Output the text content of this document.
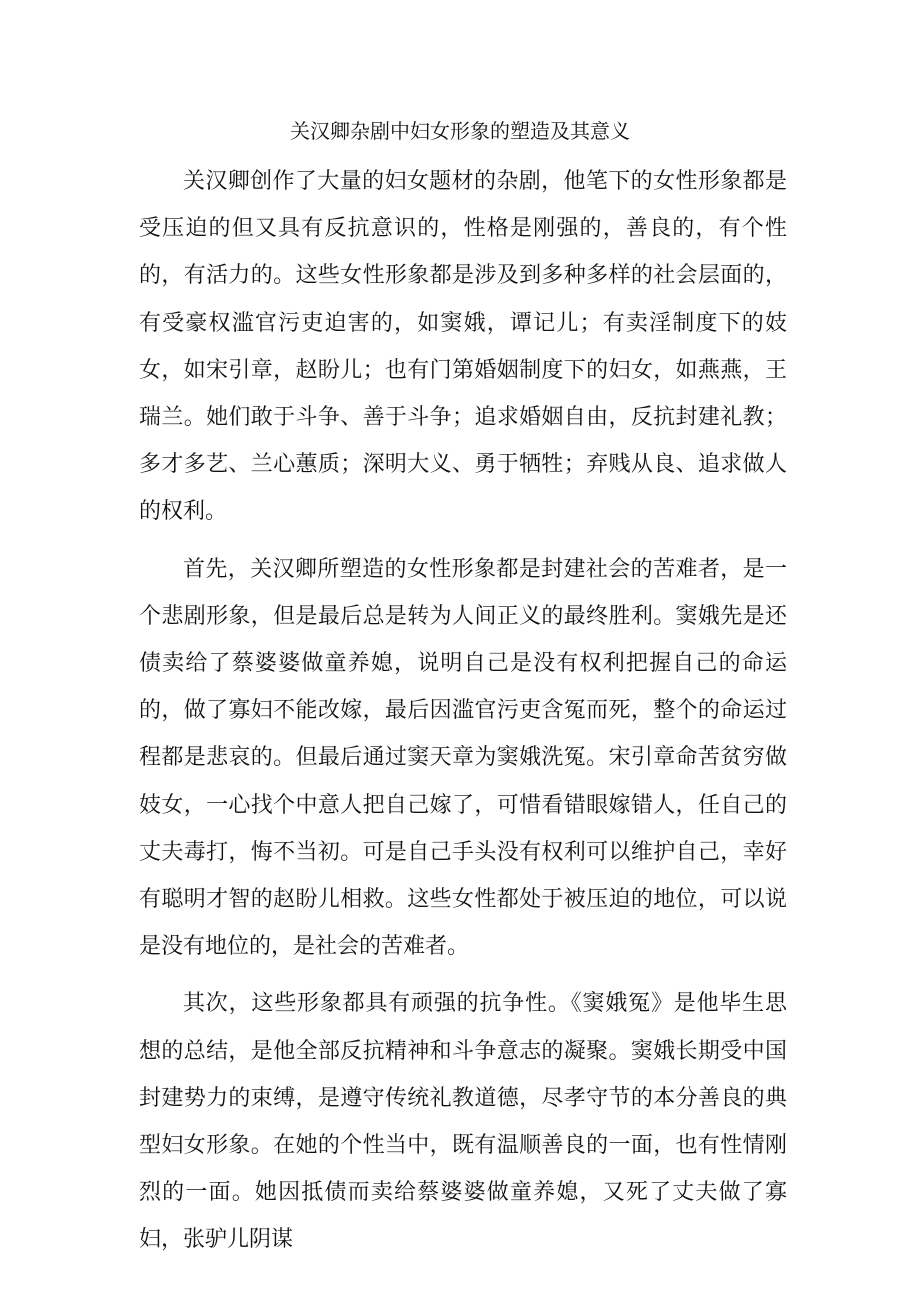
关汉卿杂剧中妇女形象的塑造及其意义

关汉卿创作了大量的妇女题材的杂剧，他笔下的女性形象都是受压迫的但又具有反抗意识的，性格是刚强的，善良的，有个性的，有活力的。这些女性形象都是涉及到多种多样的社会层面的，有受豪权滥官污吏迫害的，如窦娥，谭记儿；有卖淫制度下的妓女，如宋引章，赵盼儿；也有门第婚姻制度下的妇女，如燕燕，王瑞兰。她们敢于斗争、善于斗争；追求婚姻自由，反抗封建礼教；多才多艺、兰心蕙质；深明大义、勇于牺牲；弃贱从良、追求做人的权利。

首先，关汉卿所塑造的女性形象都是封建社会的苦难者，是一个悲剧形象，但是最后总是转为人间正义的最终胜利。窦娥先是还债卖给了蔡婆婆做童养媳，说明自己是没有权利把握自己的命运的，做了寡妇不能改嫁，最后因滥官污吏含冤而死，整个的命运过程都是悲哀的。但最后通过窦天章为窦娥洗冤。宋引章命苦贫穷做妓女，一心找个中意人把自己嫁了，可惜看错眼嫁错人，任自己的丈夫毒打，悔不当初。可是自己手头没有权利可以维护自己，幸好有聪明才智的赵盼儿相救。这些女性都处于被压迫的地位，可以说是没有地位的，是社会的苦难者。

其次，这些形象都具有顽强的抗争性。《窦娥冤》是他毕生思想的总结，是他全部反抗精神和斗争意志的凝聚。窦娥长期受中国封建势力的束缚，是遵守传统礼教道德，尽孝守节的本分善良的典型妇女形象。在她的个性当中，既有温顺善良的一面，也有性情刚烈的一面。她因抵债而卖给蔡婆婆做童养媳，又死了丈夫做了寡妇，张驴儿阴谋
